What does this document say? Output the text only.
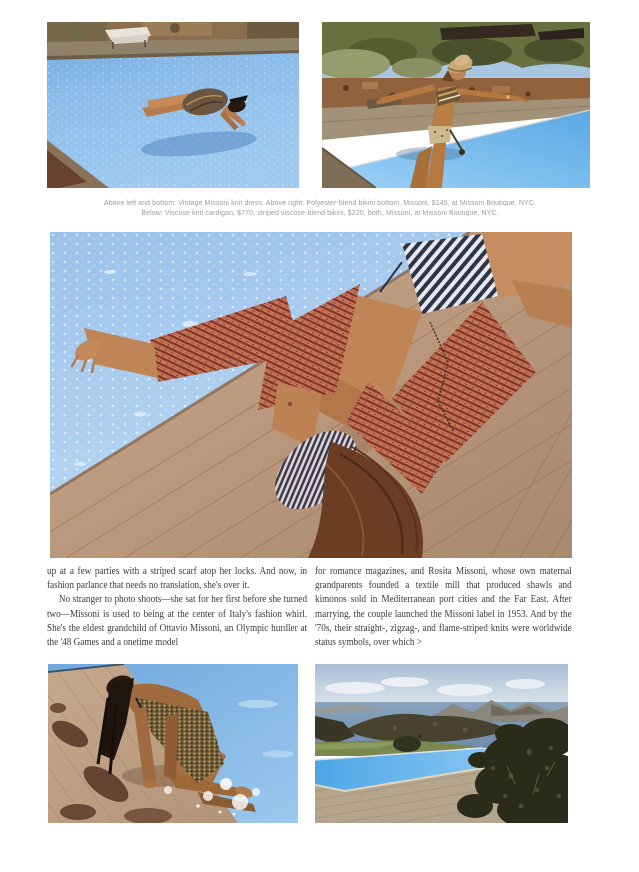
Above left and bottom: Vintage Missoni knit dress. Above right: Polyester-blend bikini bottom, Missoni, $145, at Missoni Boutique, NYC.
Below: Viscose knit cardigan, $770, striped viscose-blend bikini, $220; both, Missoni, at Missoni Boutique, NYC.

up at a few parties with a striped scarf atop her locks. And now, in fashion parlance that needs no translation, she's over it.

No stranger to photo shoots—she sat for her first before she turned two—Missoni is used to being at the center of Italy's fashion whirl. She's the eldest grandchild of Ottavio Missoni, an Olympic hurdler at the '48 Games and a onetime model

for romance magazines, and Rosita Missoni, whose own maternal grandparents founded a textile mill that produced shawls and kimonos sold in Mediterranean port cities and the Far East. After marrying, the couple launched the Missoni label in 1953. And by the '70s, their straight-, zigzag-, and flame-striped knits were worldwide status symbols, over which >
